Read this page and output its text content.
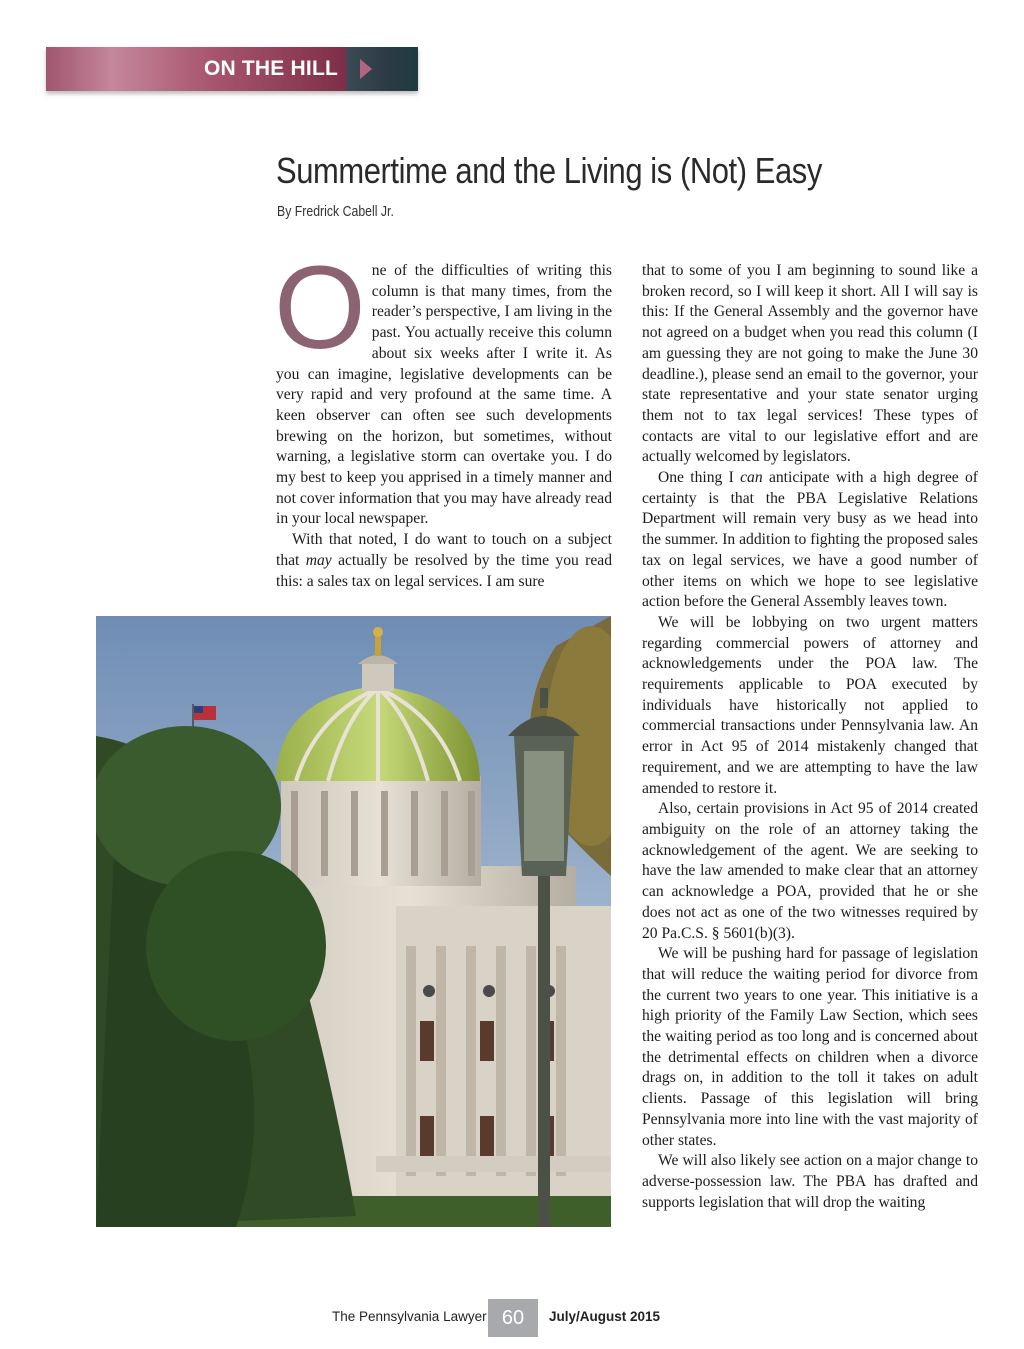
ON THE HILL
Summertime and the Living is (Not) Easy
By Fredrick Cabell Jr.

One of the difficulties of writing this column is that many times, from the reader’s perspective, I am living in the past. You actually receive this column about six weeks after I write it. As you can imagine, legislative developments can be very rapid and very profound at the same time. A keen observer can often see such developments brewing on the horizon, but sometimes, without warning, a legislative storm can overtake you. I do my best to keep you apprised in a timely manner and not cover information that you may have already read in your local newspaper.

With that noted, I do want to touch on a subject that may actually be resolved by the time you read this: a sales tax on legal services. I am sure

that to some of you I am beginning to sound like a broken record, so I will keep it short. All I will say is this: If the General Assembly and the governor have not agreed on a budget when you read this column (I am guessing they are not going to make the June 30 deadline.), please send an email to the governor, your state representative and your state senator urging them not to tax legal services! These types of contacts are vital to our legislative effort and are actually welcomed by legislators.

One thing I can anticipate with a high degree of certainty is that the PBA Legislative Relations Department will remain very busy as we head into the summer. In addition to fighting the proposed sales tax on legal services, we have a good number of other items on which we hope to see legislative action before the General Assembly leaves town.

We will be lobbying on two urgent matters regarding commercial powers of attorney and acknowledgements under the POA law. The requirements applicable to POA executed by individuals have historically not applied to commercial transactions under Pennsylvania law. An error in Act 95 of 2014 mistakenly changed that requirement, and we are attempting to have the law amended to restore it.

Also, certain provisions in Act 95 of 2014 created ambiguity on the role of an attorney taking the acknowledgement of the agent. We are seeking to have the law amended to make clear that an attorney can acknowledge a POA, provided that he or she does not act as one of the two witnesses required by 20 Pa.C.S. § 5601(b)(3).

We will be pushing hard for passage of legislation that will reduce the waiting period for divorce from the current two years to one year. This initiative is a high priority of the Family Law Section, which sees the waiting period as too long and is concerned about the detrimental effects on children when a divorce drags on, in addition to the toll it takes on adult clients. Passage of this legislation will bring Pennsylvania more into line with the vast majority of other states.

We will also likely see action on a major change to adverse-possession law. The PBA has drafted and supports legislation that will drop the waiting

The Pennsylvania Lawyer 60	July/August 2015
